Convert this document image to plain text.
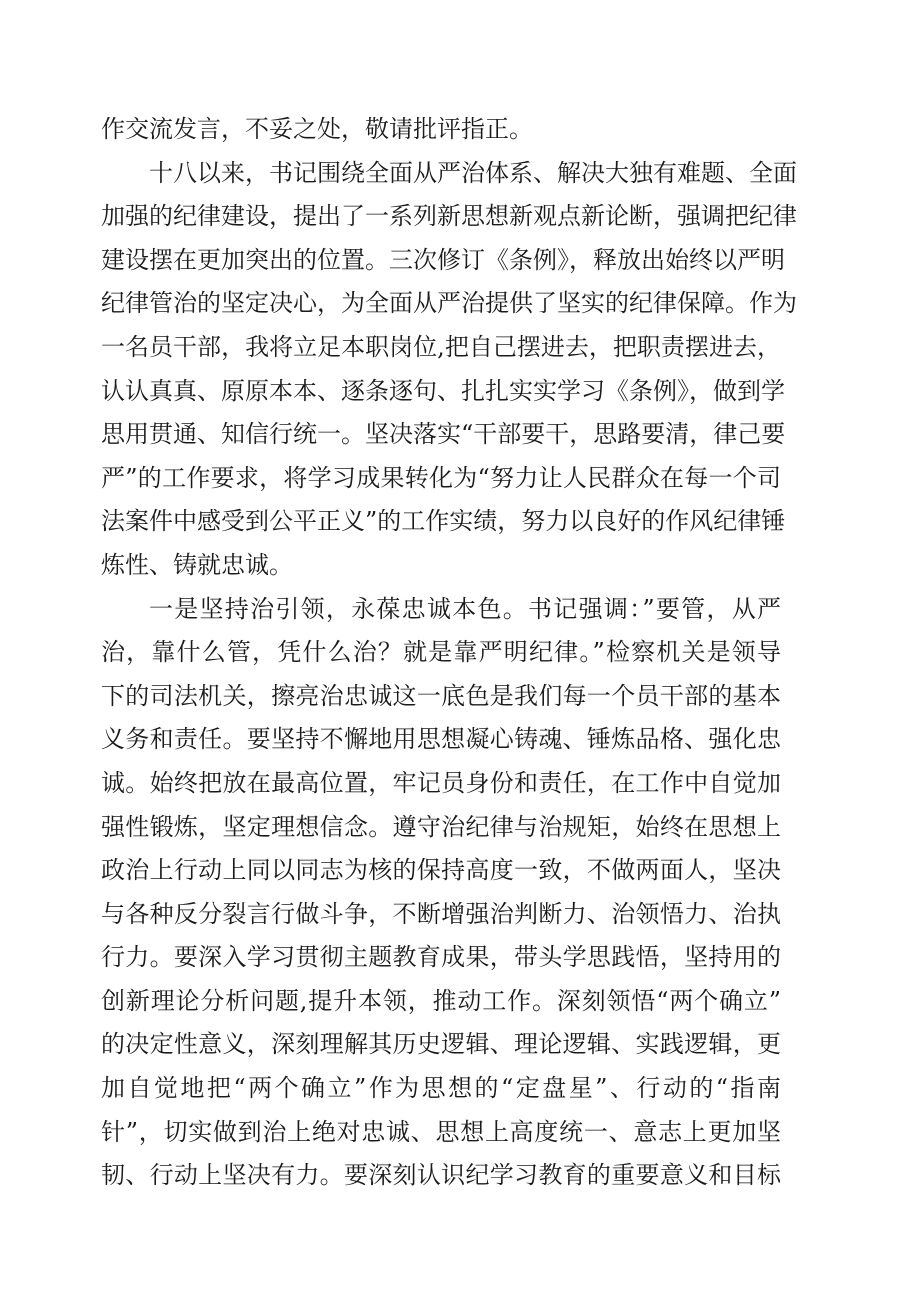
作交流发言，不妥之处，敬请批评指正。
十八以来，书记围绕全面从严治体系、解决大独有难题、全面
加强的纪律建设，提出了一系列新思想新观点新论断，强调把纪律
建设摆在更加突出的位置。三次修订《条例》，释放出始终以严明
纪律管治的坚定决心，为全面从严治提供了坚实的纪律保障。作为
一名员干部，我将立足本职岗位,把自己摆进去，把职责摆进去，
认认真真、原原本本、逐条逐句、扎扎实实学习《条例》，做到学
思用贯通、知信行统一。坚决落实“干部要干，思路要清，律己要
严”的工作要求，将学习成果转化为“努力让人民群众在每一个司
法案件中感受到公平正义”的工作实绩，努力以良好的作风纪律锤
炼性、铸就忠诚。
一是坚持治引领，永葆忠诚本色。书记强调：”要管，从严
治，靠什么管，凭什么治？就是靠严明纪律。”检察机关是领导
下的司法机关，擦亮治忠诚这一底色是我们每一个员干部的基本
义务和责任。要坚持不懈地用思想凝心铸魂、锤炼品格、强化忠
诚。始终把放在最高位置，牢记员身份和责任，在工作中自觉加
强性锻炼，坚定理想信念。遵守治纪律与治规矩，始终在思想上
政治上行动上同以同志为核的保持高度一致，不做两面人，坚决
与各种反分裂言行做斗争，不断增强治判断力、治领悟力、治执
行力。要深入学习贯彻主题教育成果，带头学思践悟，坚持用的
创新理论分析问题,提升本领，推动工作。深刻领悟“两个确立”
的决定性意义，深刻理解其历史逻辑、理论逻辑、实践逻辑，更
加自觉地把“两个确立”作为思想的“定盘星”、行动的“指南
针”，切实做到治上绝对忠诚、思想上高度统一、意志上更加坚
韧、行动上坚决有力。要深刻认识纪学习教育的重要意义和目标
